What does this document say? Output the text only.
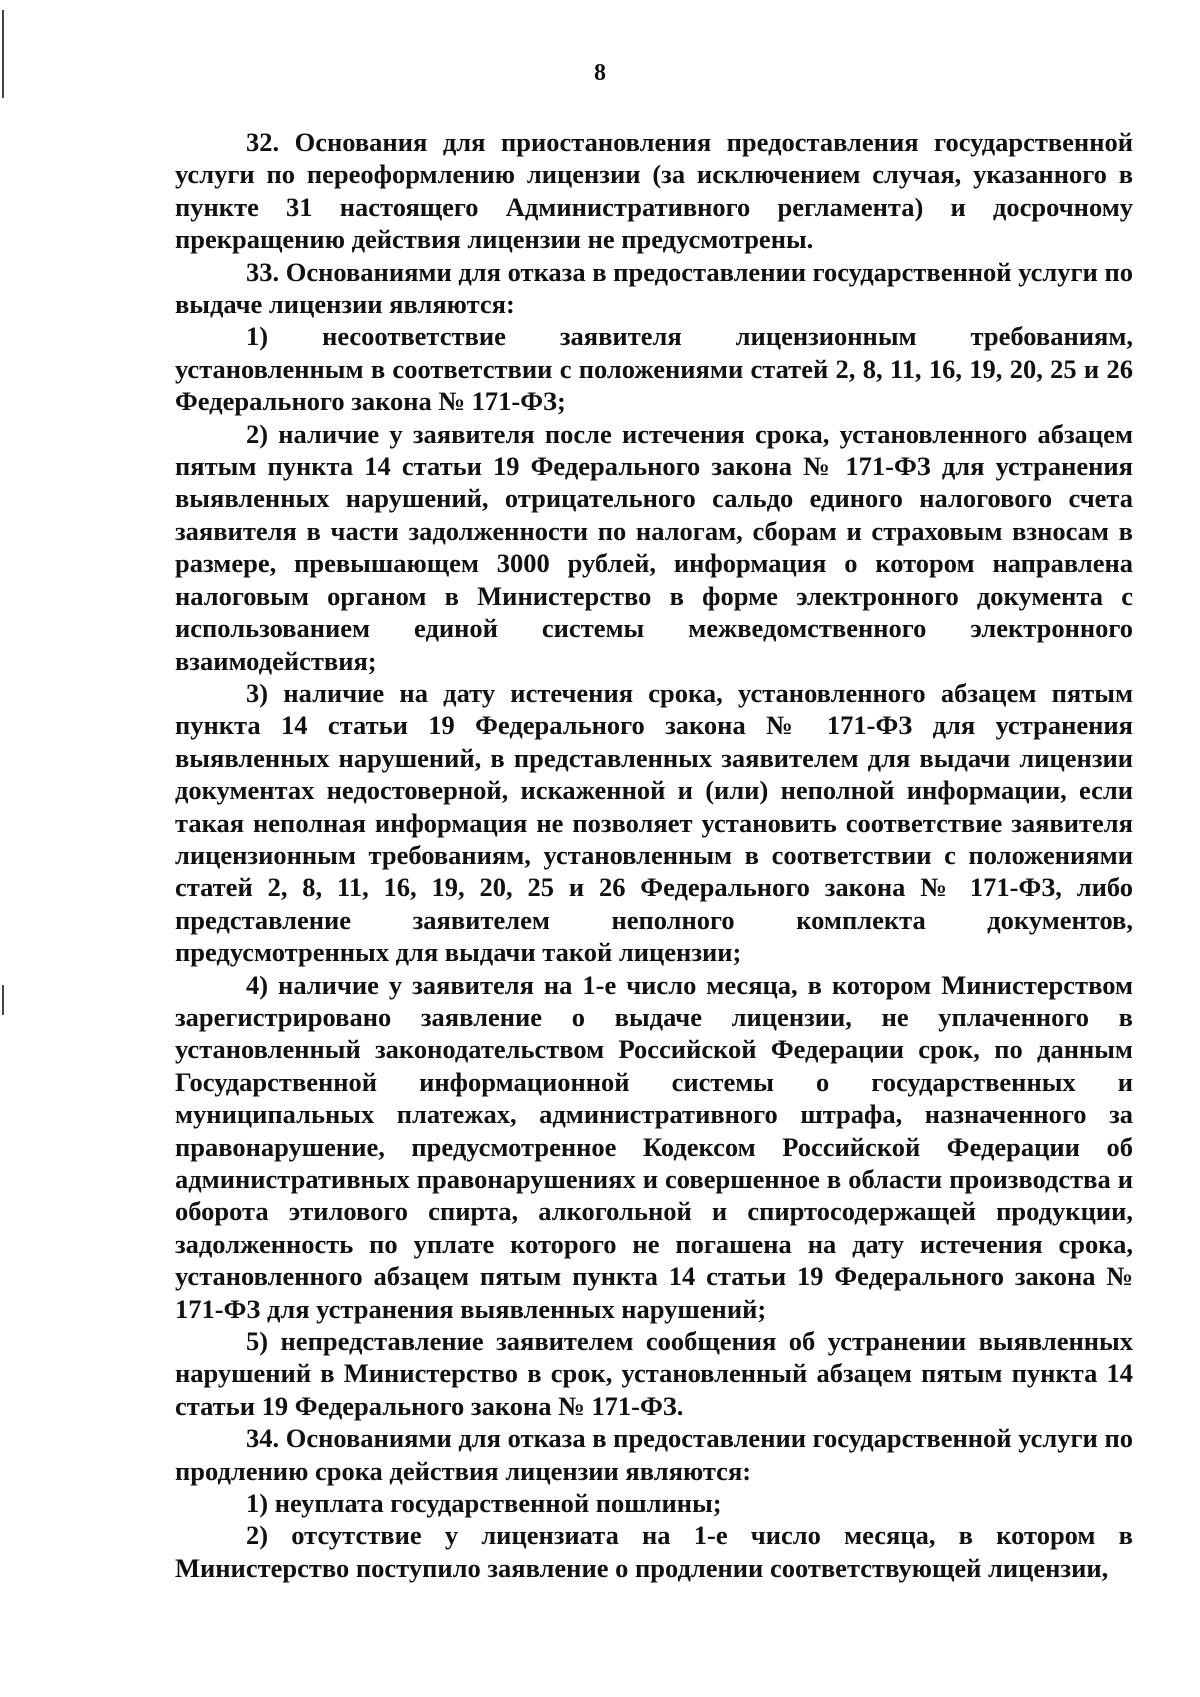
8

32. Основания для приостановления предоставления государственной услуги по переоформлению лицензии (за исключением случая, указанного в пункте 31 настоящего Административного регламента) и досрочному прекращению действия лицензии не предусмотрены.

33. Основаниями для отказа в предоставлении государственной услуги по выдаче лицензии являются:

1) несоответствие заявителя лицензионным требованиям, установленным в соответствии с положениями статей 2, 8, 11, 16, 19, 20, 25 и 26 Федерального закона № 171-ФЗ;

2) наличие у заявителя после истечения срока, установленного абзацем пятым пункта 14 статьи 19 Федерального закона № 171-ФЗ для устранения выявленных нарушений, отрицательного сальдо единого налогового счета заявителя в части задолженности по налогам, сборам и страховым взносам в размере, превышающем 3000 рублей, информация о котором направлена налоговым органом в Министерство в форме электронного документа с использованием единой системы межведомственного электронного взаимодействия;

3) наличие на дату истечения срока, установленного абзацем пятым пункта 14 статьи 19 Федерального закона № 171-ФЗ для устранения выявленных нарушений, в представленных заявителем для выдачи лицензии документах недостоверной, искаженной и (или) неполной информации, если такая неполная информация не позволяет установить соответствие заявителя лицензионным требованиям, установленным в соответствии с положениями статей 2, 8, 11, 16, 19, 20, 25 и 26 Федерального закона № 171-ФЗ, либо представление заявителем неполного комплекта документов, предусмотренных для выдачи такой лицензии;

4) наличие у заявителя на 1-е число месяца, в котором Министерством зарегистрировано заявление о выдаче лицензии, не уплаченного в установленный законодательством Российской Федерации срок, по данным Государственной информационной системы о государственных и муниципальных платежах, административного штрафа, назначенного за правонарушение, предусмотренное Кодексом Российской Федерации об административных правонарушениях и совершенное в области производства и оборота этилового спирта, алкогольной и спиртосодержащей продукции, задолженность по уплате которого не погашена на дату истечения срока, установленного абзацем пятым пункта 14 статьи 19 Федерального закона № 171-ФЗ для устранения выявленных нарушений;

5) непредставление заявителем сообщения об устранении выявленных нарушений в Министерство в срок, установленный абзацем пятым пункта 14 статьи 19 Федерального закона № 171-ФЗ.

34. Основаниями для отказа в предоставлении государственной услуги по продлению срока действия лицензии являются:

1) неуплата государственной пошлины;

2) отсутствие у лицензиата на 1-е число месяца, в котором в Министерство поступило заявление о продлении соответствующей лицензии,
